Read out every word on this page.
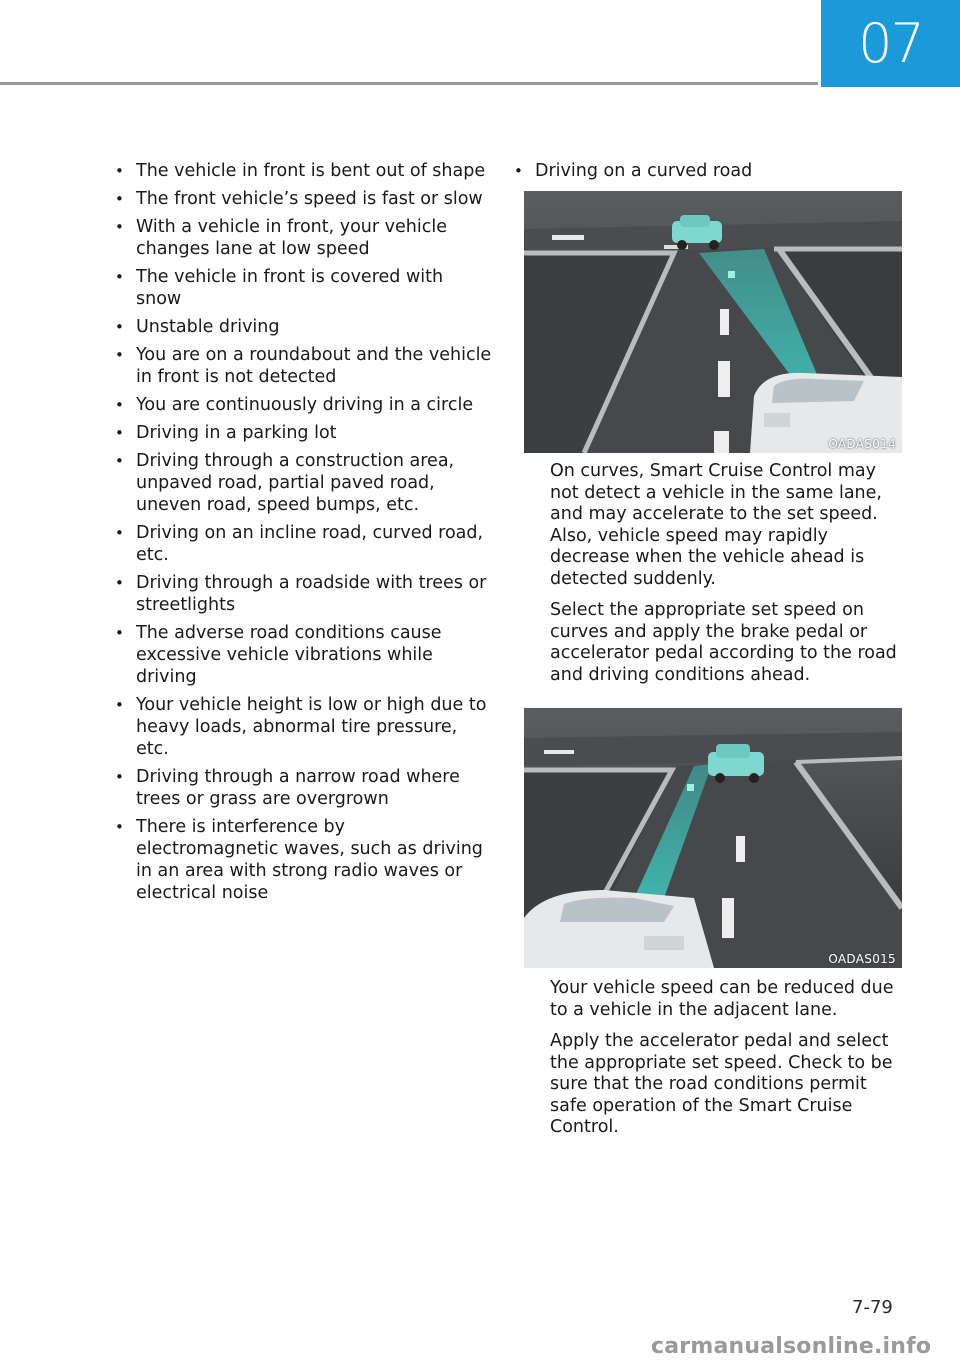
07
• The vehicle in front is bent out of shape
• The front vehicle’s speed is fast or slow
• With a vehicle in front, your vehicle changes lane at low speed
• The vehicle in front is covered with snow
• Unstable driving
• You are on a roundabout and the vehicle in front is not detected
• You are continuously driving in a circle
• Driving in a parking lot
• Driving through a construction area, unpaved road, partial paved road, uneven road, speed bumps, etc.
• Driving on an incline road, curved road, etc.
• Driving through a roadside with trees or streetlights
• The adverse road conditions cause excessive vehicle vibrations while driving
• Your vehicle height is low or high due to heavy loads, abnormal tire pressure, etc.
• Driving through a narrow road where trees or grass are overgrown
• There is interference by electromagnetic waves, such as driving in an area with strong radio waves or electrical noise
• Driving on a curved road
OADAS014

On curves, Smart Cruise Control may not detect a vehicle in the same lane, and may accelerate to the set speed. Also, vehicle speed may rapidly decrease when the vehicle ahead is detected suddenly.

Select the appropriate set speed on curves and apply the brake pedal or accelerator pedal according to the road and driving conditions ahead.

OADAS015

Your vehicle speed can be reduced due to a vehicle in the adjacent lane.

Apply the accelerator pedal and select the appropriate set speed. Check to be sure that the road conditions permit safe operation of the Smart Cruise Control.

7-79
carmanualsonline.info
